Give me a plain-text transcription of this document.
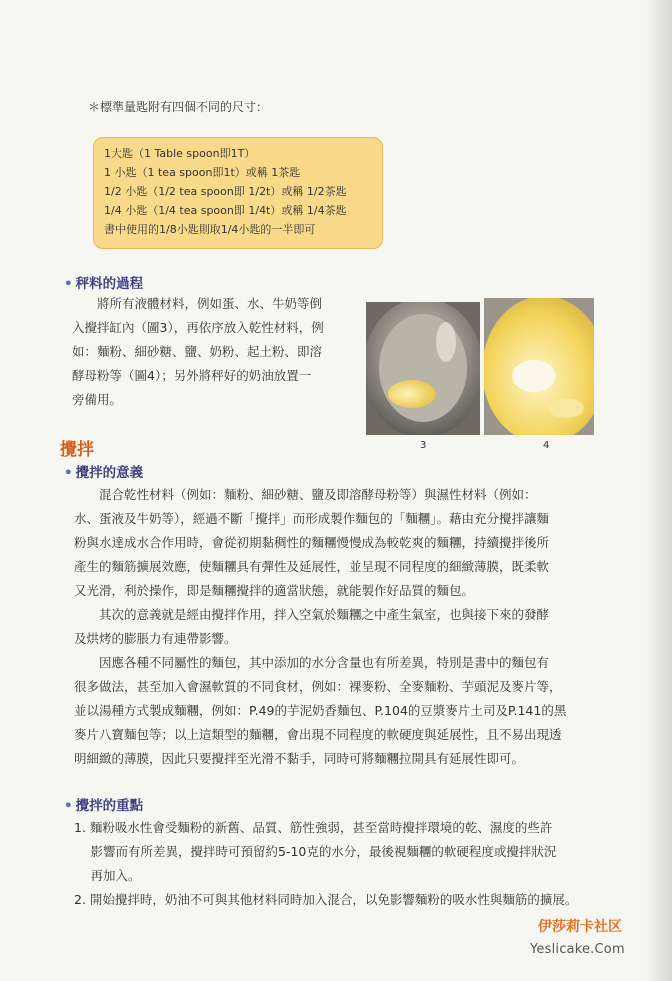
＊標準量匙附有四個不同的尺寸：
1大匙（1 Table spoon即1T）
1 小匙（1 tea spoon即1t）或稱 1茶匙
1/2 小匙（1/2 tea spoon即 1/2t）或稱 1/2茶匙
1/4 小匙（1/4 tea spoon即 1/4t）或稱 1/4茶匙
書中使用的1/8小匙則取1/4小匙的一半即可
• 秤料的過程
　　將所有液體材料，例如蛋、水、牛奶等倒
入攪拌缸內（圖3），再依序放入乾性材料，例
如：麵粉、細砂糖、鹽、奶粉、起土粉、即溶
酵母粉等（圖4）；另外將秤好的奶油放置一
旁備用。
3	4
攪拌
• 攪拌的意義
　　混合乾性材料（例如：麵粉、細砂糖、鹽及即溶酵母粉等）與濕性材料（例如：
水、蛋液及牛奶等），經過不斷「攪拌」而形成製作麵包的「麵糰」。藉由充分攪拌讓麵
粉與水達成水合作用時，會從初期黏稠性的麵糰慢慢成為較乾爽的麵糰，持續攪拌後所
產生的麵筋擴展效應，使麵糰具有彈性及延展性，並呈現不同程度的細緻薄膜，既柔軟
又光滑，利於操作，即是麵糰攪拌的適當狀態，就能製作好品質的麵包。
　　其次的意義就是經由攪拌作用，拌入空氣於麵糰之中產生氣室，也與接下來的發酵
及烘烤的膨脹力有連帶影響。
　　因應各種不同屬性的麵包，其中添加的水分含量也有所差異，特別是書中的麵包有
很多做法，甚至加入會濕軟質的不同食材，例如：裸麥粉、全麥麵粉、芋頭泥及麥片等，
並以湯種方式製成麵糰，例如：P.49的芋泥奶香麵包、P.104的豆漿麥片土司及P.141的黑
麥片八寶麵包等；以上這類型的麵糰，會出現不同程度的軟硬度與延展性，且不易出現透
明細緻的薄膜，因此只要攪拌至光滑不黏手，同時可將麵糰拉開具有延展性即可。
• 攪拌的重點
1. 麵粉吸水性會受麵粉的新舊、品質、筋性強弱，甚至當時攪拌環境的乾、濕度的些許
　 影響而有所差異，攪拌時可預留約5-10克的水分，最後視麵糰的軟硬程度或攪拌狀況
　 再加入。
2. 開始攪拌時，奶油不可與其他材料同時加入混合，以免影響麵粉的吸水性與麵筋的擴展。
伊莎莉卡社区
Yeslicake.Com
